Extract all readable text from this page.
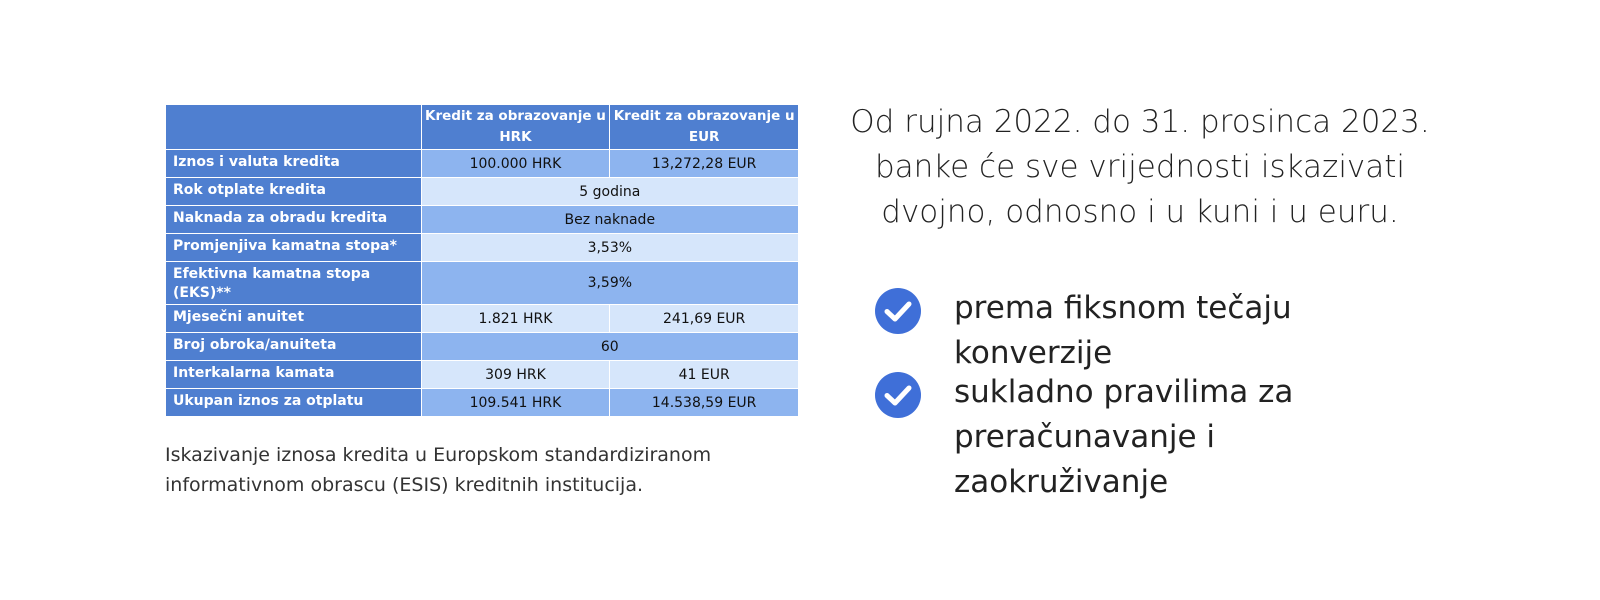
	Kredit za obrazovanje u HRK	Kredit za obrazovanje u EUR
Iznos i valuta kredita	100.000 HRK	13,272,28 EUR
Rok otplate kredita	5 godina	
Naknada za obradu kredita	Bez naknade	
Promjenjiva kamatna stopa*	3,53%	
Efektivna kamatna stopa (EKS)**	3,59%	
Mjesečni anuitet	1.821 HRK	241,69 EUR
Broj obroka/anuiteta	60	
Interkalarna kamata	309 HRK	41 EUR
Ukupan iznos za otplatu	109.541 HRK	14.538,59 EUR
Iskazivanje iznosa kredita u Europskom standardiziranom
informativnom obrascu (ESIS) kreditnih institucija.
Od rujna 2022. do 31. prosinca 2023.
banke će sve vrijednosti iskazivati
dvojno, odnosno i u kuni i u euru.
prema fiksnom tečaju konverzije
sukladno pravilima za
preračunavanje i zaokruživanje
